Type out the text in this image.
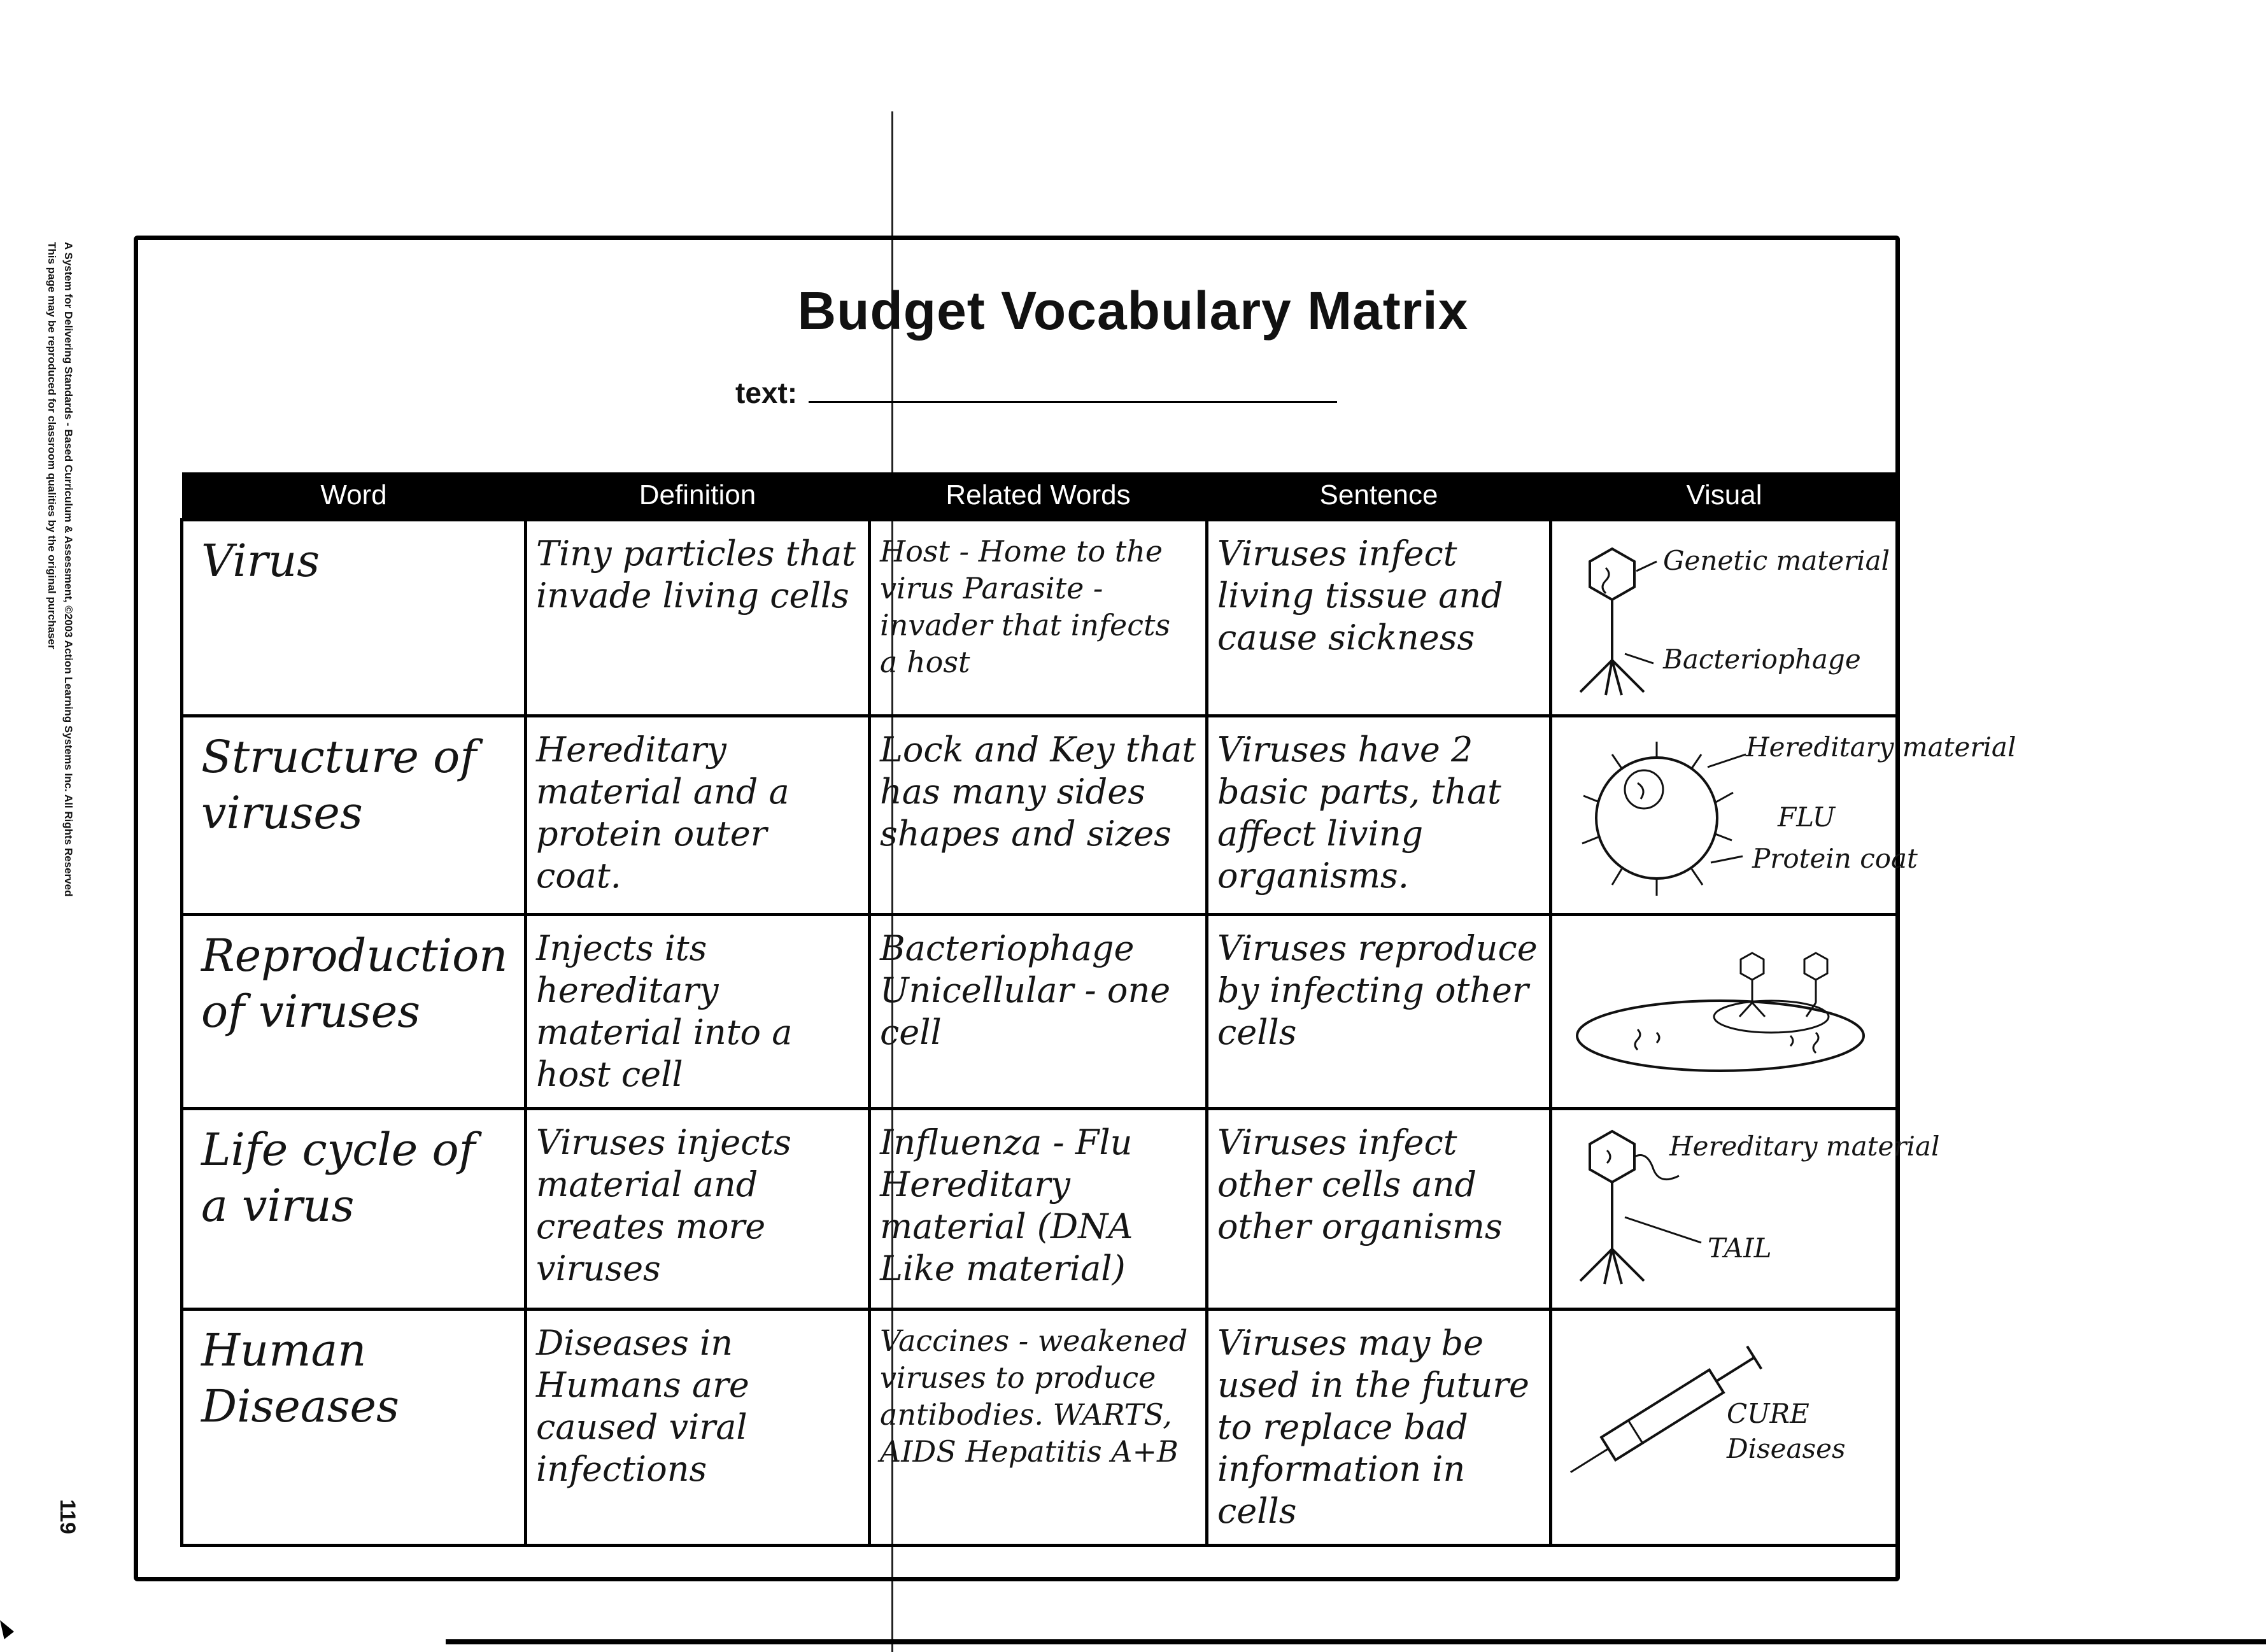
A System for Delivering Standards - Based Curriculum & Assessment, ©2003 Action Learning Systems Inc. All Rights Reserved
This page may be reproduced for classroom qualities by the original purchaser
119
Budget Vocabulary Matrix
text:
Word	Definition	Related Words	Sentence	Visual
Virus	Tiny particles that invade living cells	Host - Home to the virus Parasite - invader that infects a host	Viruses infect living tissue and cause sickness	Genetic material
Bacteriophage

Structure of viruses	Hereditary material and a protein outer coat.	Lock and Key that has many sides shapes and sizes	Viruses have 2 basic parts, that affect living organisms.	Hereditary material
FLU
Protein coat

Reproduction of viruses	Injects its hereditary material into a host cell	Bacteriophage Unicellular - one cell	Viruses reproduce by infecting other cells	

Life cycle of a virus	Viruses injects material and creates more viruses	Influenza - Flu Hereditary material (DNA Like material)	Viruses infect other cells and other organisms	Hereditary material
TAIL

Human Diseases	Diseases in Humans are caused viral infections	Vaccines - weakened viruses to produce antibodies. WARTS, AIDS Hepatitis A+B	Viruses may be used in the future to replace bad information in cells	CURE
Diseases
